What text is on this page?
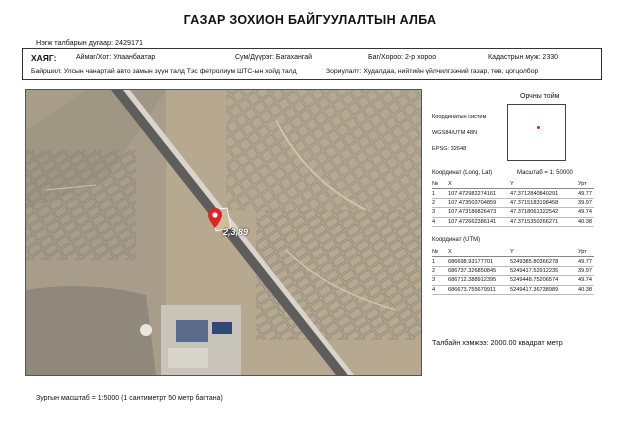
ГАЗАР ЗОХИОН БАЙГУУЛАЛТЫН АЛБА
Нэгж талбарын дугаар: 2429171
ХАЯГ:	Аймаг/Хот: Улаанбаатар	Сум/Дүүрэг: Багахангай	Баг/Хороо: 2-р хороо	Кадастрын муж: 2330
Байршил: Улсын чанартай авто замын зүүн талд Тэс фетролиум ШТС-ын хойд талд	Зориулалт: Худалдаа, нийтийн үйлчилгээний газар, төв, цогцолбор
2,3,89
Орчны тойм
Координатын систем
WGS84/UTM 48N
EPSG: 32648
Координат (Long, Lat)	Масштаб = 1: 50000
№	X	Y	Урт
1	107.472982274161	47.3712840840291	49.77
2	107.473503704859	47.3715183198458	39.97
3	107.473186826473	47.3718061322542	49.74
4	107.472662386141	47.3715350266271	40.38
Координат (UTM)
№	X	Y	Урт
1	686698.93177701	5249385.80366278	49.77
2	686737.326850845	5249417.52912235	39.97
3	686712.388912395	5249448.75206574	49.74
4	686673.755679911	5249417.36738989	40.38
Талбайн хэмжээ: 2000.00 квадрат метр
Зургын масштаб = 1:5000 (1 сантиметрт 50 метр багтана)
